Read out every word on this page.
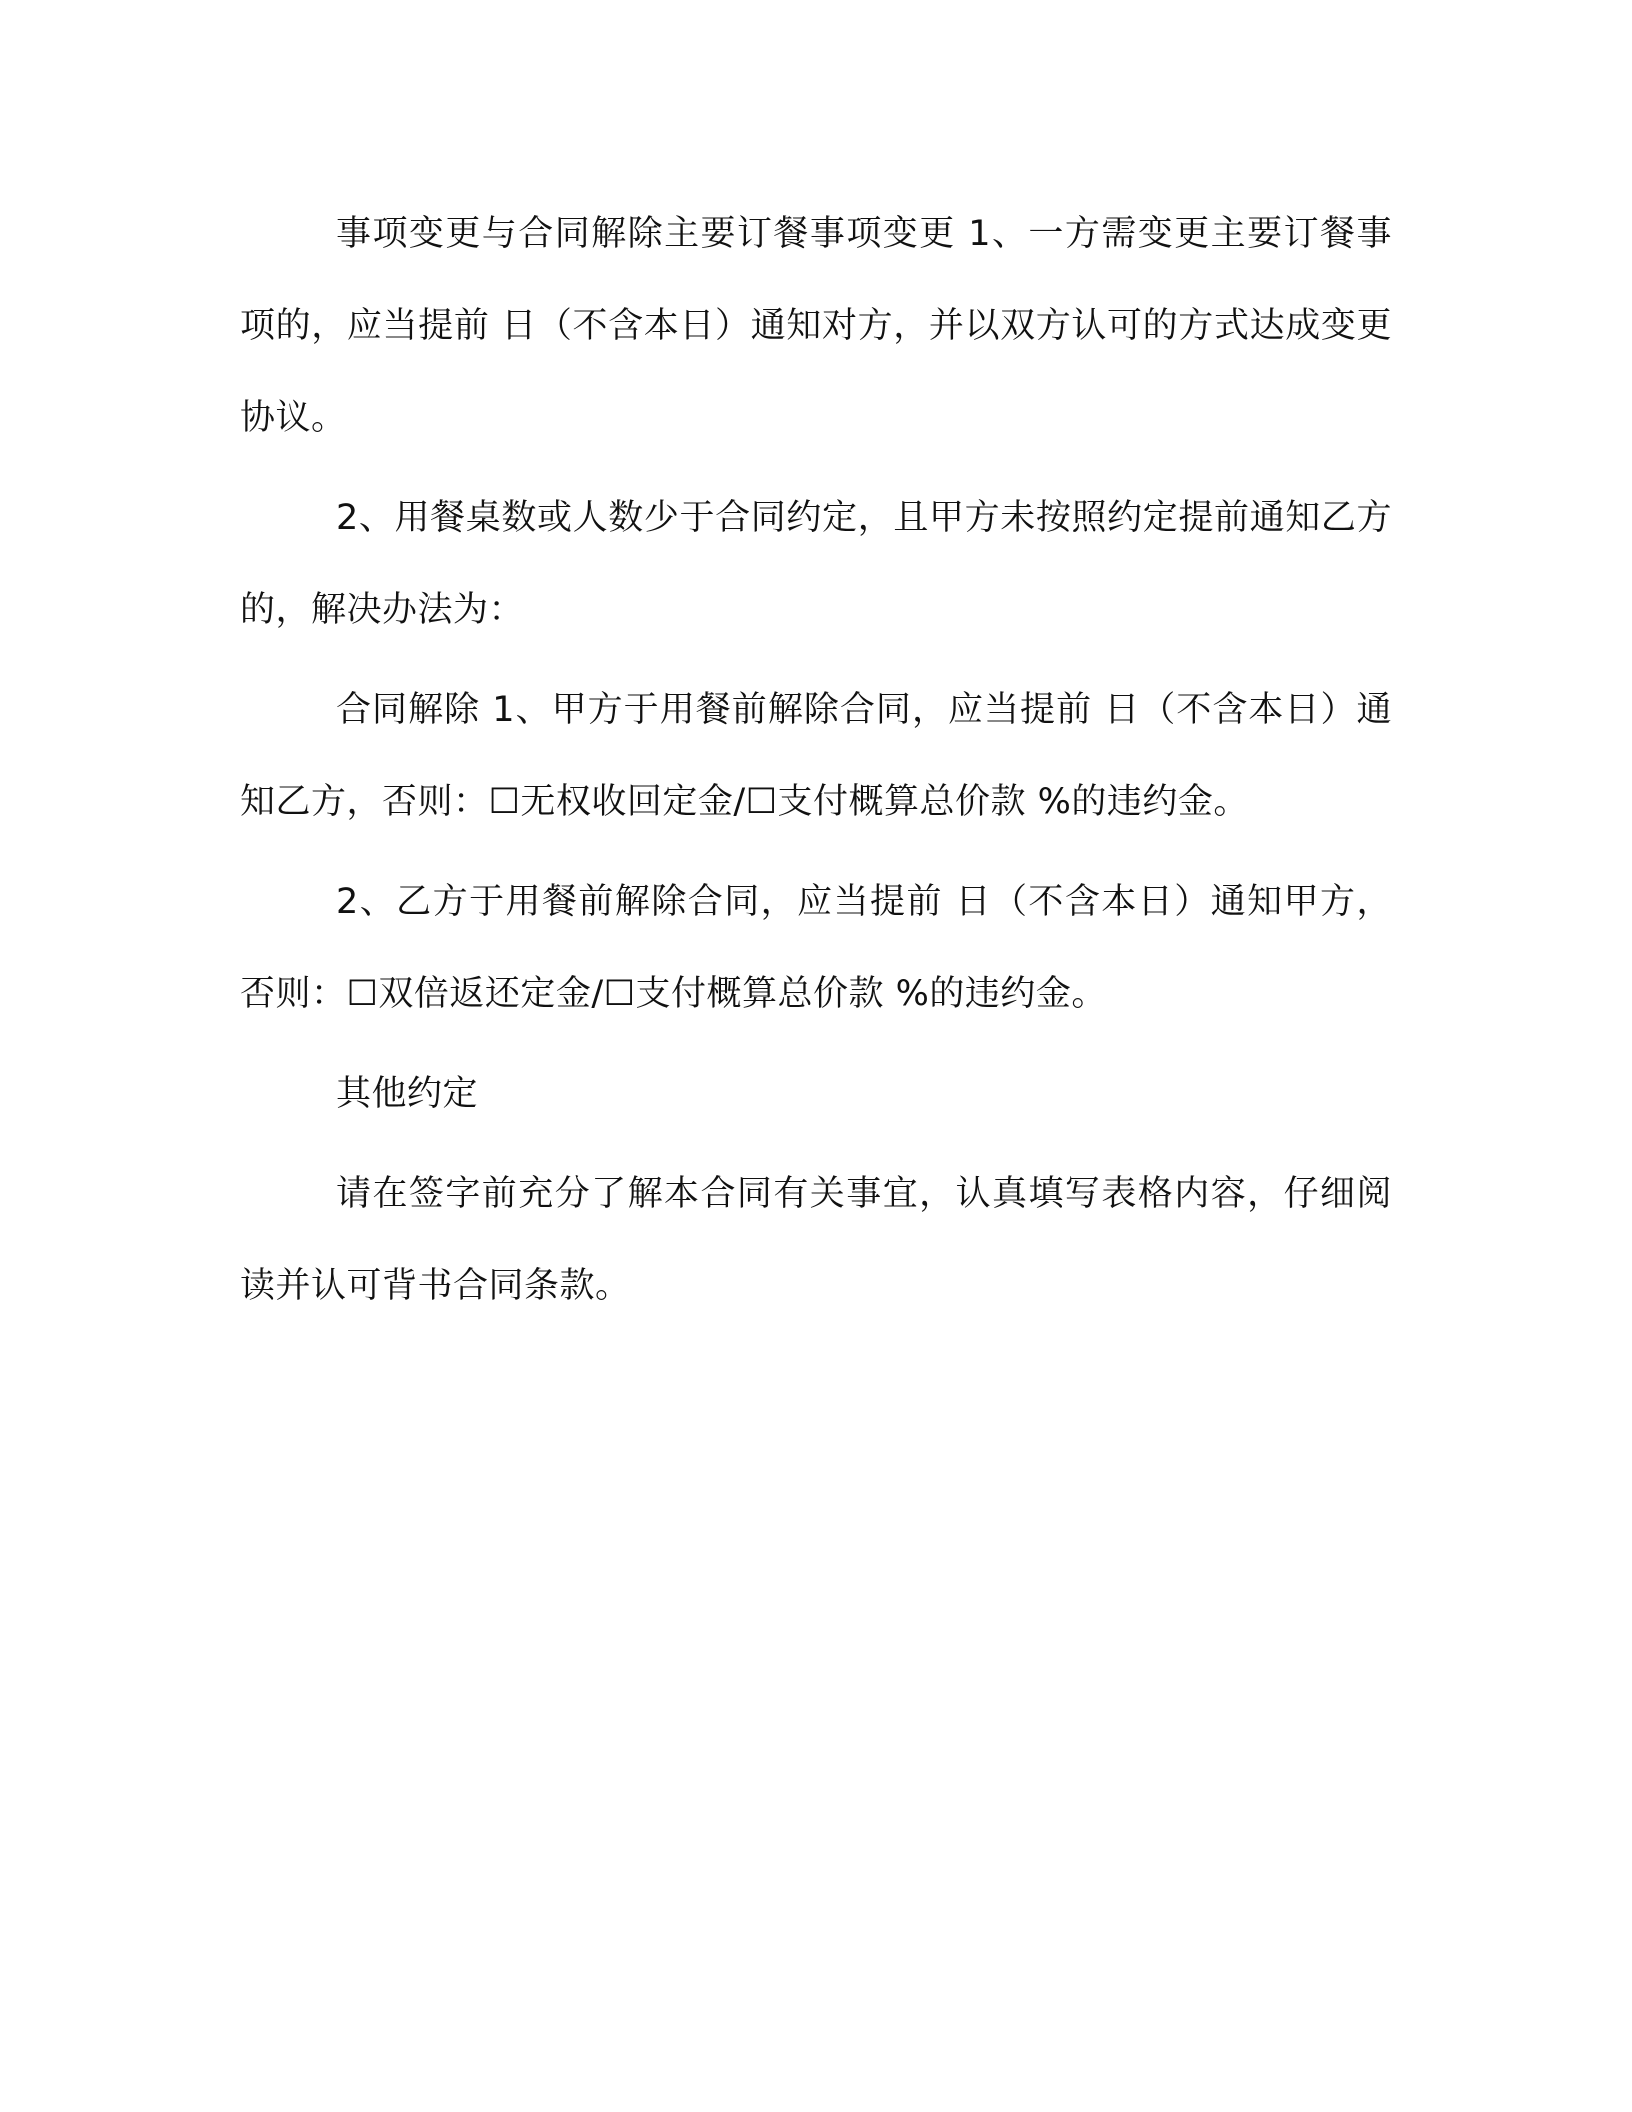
事项变更与合同解除主要订餐事项变更 1、一方需变更主要订餐事项的，应当提前 日（不含本日）通知对方，并以双方认可的方式达成变更协议。

2、用餐桌数或人数少于合同约定，且甲方未按照约定提前通知乙方的，解决办法为：

合同解除 1、甲方于用餐前解除合同，应当提前 日（不含本日）通知乙方，否则：☐无权收回定金/☐支付概算总价款 %的违约金。

2、乙方于用餐前解除合同，应当提前 日（不含本日）通知甲方，否则：☐双倍返还定金/☐支付概算总价款 %的违约金。

其他约定

请在签字前充分了解本合同有关事宜，认真填写表格内容，仔细阅读并认可背书合同条款。
